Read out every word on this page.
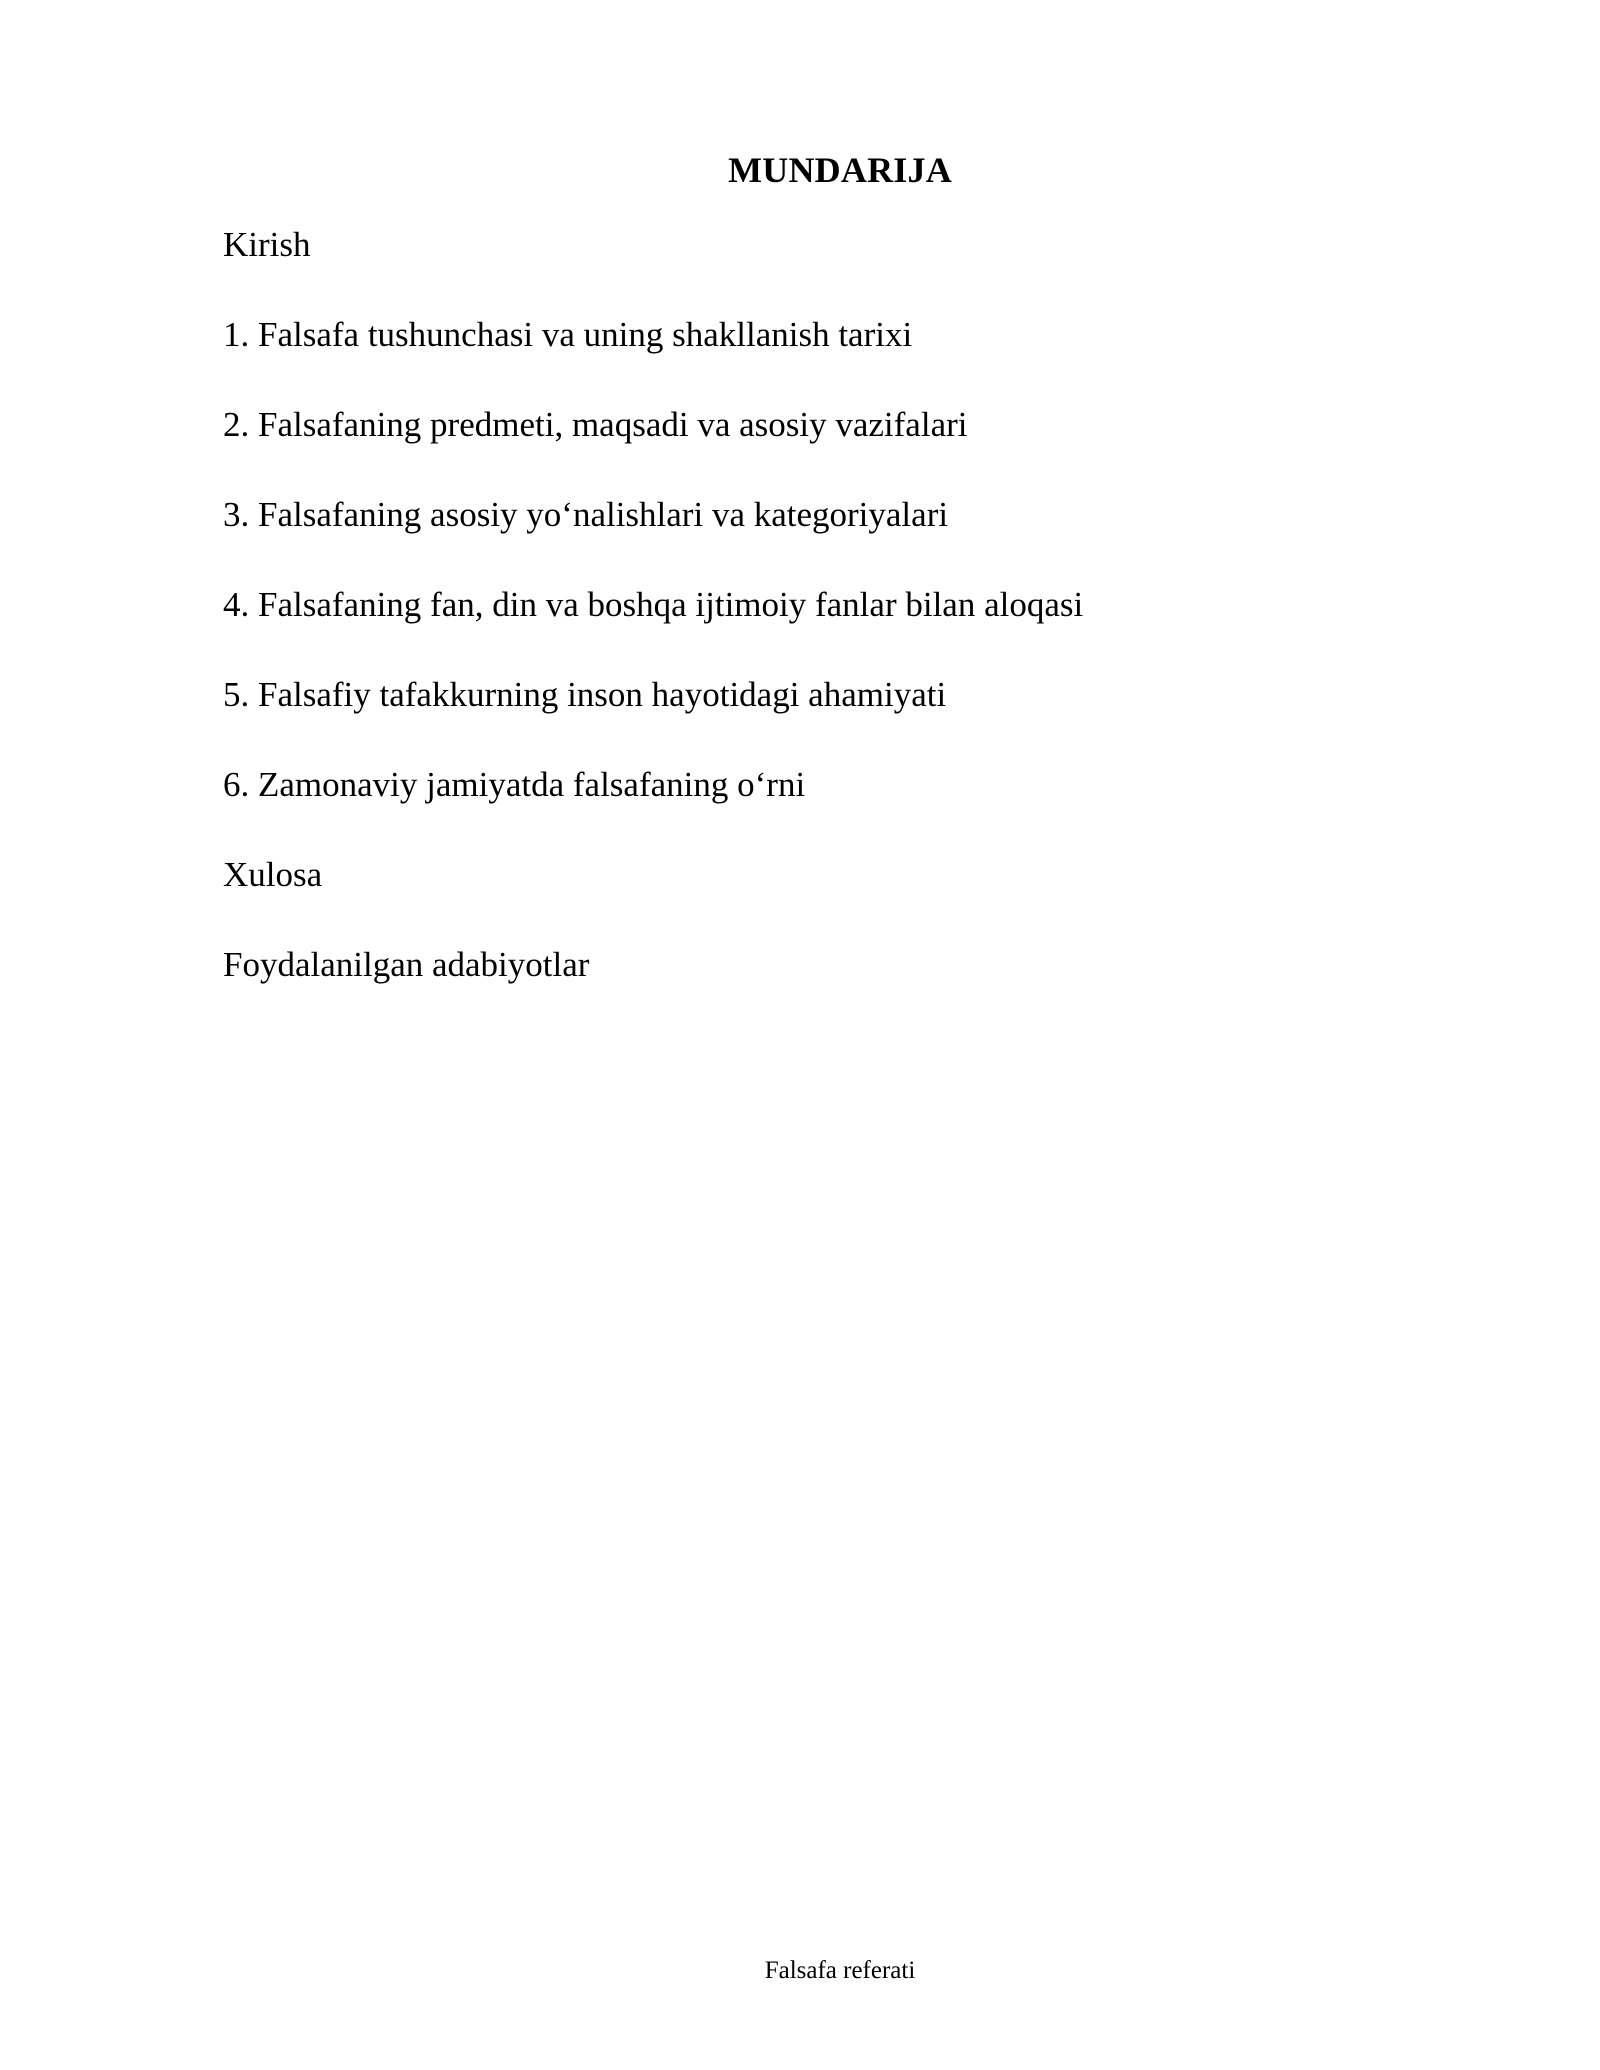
MUNDARIJA
Kirish
1. Falsafa tushunchasi va uning shakllanish tarixi
2. Falsafaning predmeti, maqsadi va asosiy vazifalari
3. Falsafaning asosiy yo‘nalishlari va kategoriyalari
4. Falsafaning fan, din va boshqa ijtimoiy fanlar bilan aloqasi
5. Falsafiy tafakkurning inson hayotidagi ahamiyati
6. Zamonaviy jamiyatda falsafaning o‘rni
Xulosa
Foydalanilgan adabiyotlar
Falsafa referati
